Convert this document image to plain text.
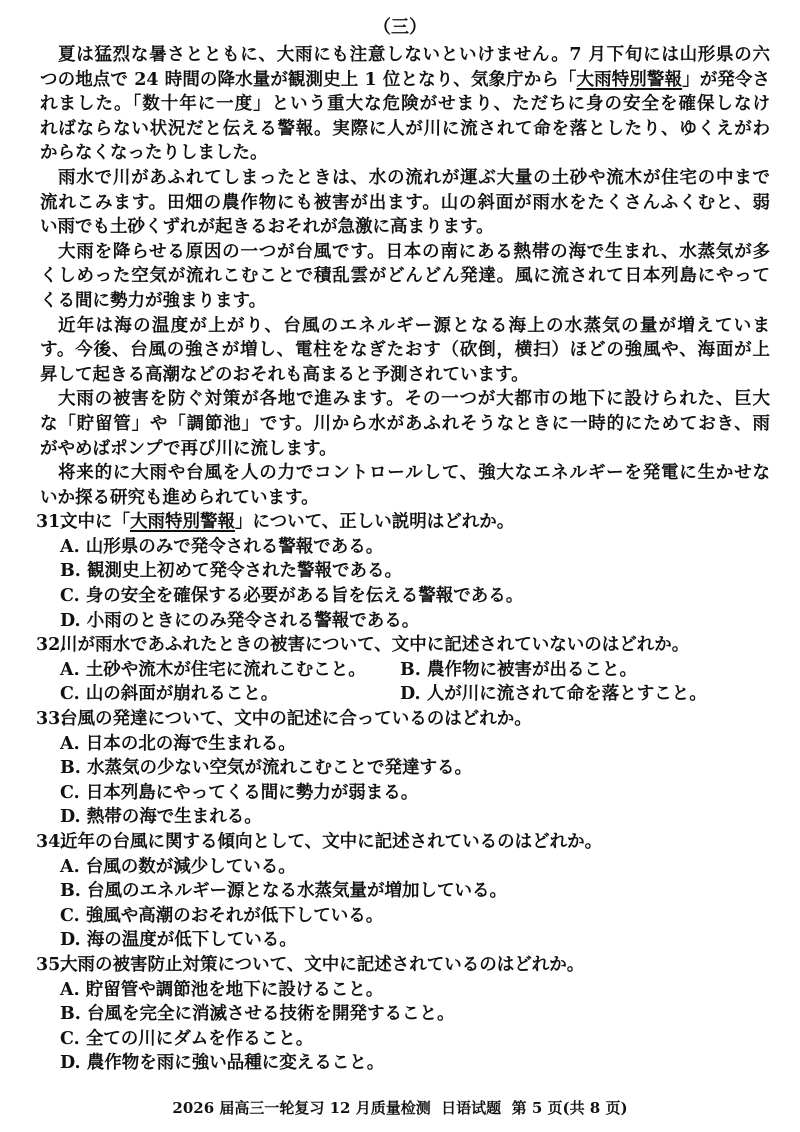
（三）
夏は猛烈な暑さとともに、大雨にも注意しないといけません。7 月下旬には山形県の六
つの地点で 24 時間の降水量が観測史上 1 位となり、気象庁から「大雨特別警報」が発令さ
れました。「数十年に一度」という重大な危険がせまり、ただちに身の安全を確保しなけ
ればならない状況だと伝える警報。実際に人が川に流されて命を落としたり、ゆくえがわ
からなくなったりしました。
雨水で川があふれてしまったときは、水の流れが運ぶ大量の土砂や流木が住宅の中まで
流れこみます。田畑の農作物にも被害が出ます。山の斜面が雨水をたくさんふくむと、弱
い雨でも土砂くずれが起きるおそれが急激に高まります。
大雨を降らせる原因の一つが台風です。日本の南にある熱帯の海で生まれ、水蒸気が多
くしめった空気が流れこむことで積乱雲がどんどん発達。風に流されて日本列島にやって
くる間に勢力が強まります。
近年は海の温度が上がり、台風のエネルギー源となる海上の水蒸気の量が増えていま
す。今後、台風の強さが増し、電柱をなぎたおす（砍倒，横扫）ほどの強風や、海面が上
昇して起きる高潮などのおそれも高まると予測されています。
大雨の被害を防ぐ対策が各地で進みます。その一つが大都市の地下に設けられた、巨大
な「貯留管」や「調節池」です。川から水があふれそうなときに一時的にためておき、雨
がやめばポンプで再び川に流します。
将来的に大雨や台風を人の力でコントロールして、強大なエネルギーを発電に生かせな
いか探る研究も進められています。
31.文中に「大雨特別警報」について、正しい説明はどれか。
A. 山形県のみで発令される警報である。
B. 観測史上初めて発令された警報である。
C. 身の安全を確保する必要がある旨を伝える警報である。
D. 小雨のときにのみ発令される警報である。
32.川が雨水であふれたときの被害について、文中に記述されていないのはどれか。
A. 土砂や流木が住宅に流れこむこと。	B. 農作物に被害が出ること。
C. 山の斜面が崩れること。	D. 人が川に流されて命を落とすこと。
33.台風の発達について、文中の記述に合っているのはどれか。
A. 日本の北の海で生まれる。
B. 水蒸気の少ない空気が流れこむことで発達する。
C. 日本列島にやってくる間に勢力が弱まる。
D. 熱帯の海で生まれる。
34.近年の台風に関する傾向として、文中に記述されているのはどれか。
A. 台風の数が減少している。
B. 台風のエネルギー源となる水蒸気量が増加している。
C. 強風や高潮のおそれが低下している。
D. 海の温度が低下している。
35.大雨の被害防止対策について、文中に記述されているのはどれか。
A. 貯留管や調節池を地下に設けること。
B. 台風を完全に消滅させる技術を開発すること。
C. 全ての川にダムを作ること。
D. 農作物を雨に強い品種に変えること。
2026 届高三一轮复习 12 月质量检测  日语试题  第 5 页(共 8 页)
